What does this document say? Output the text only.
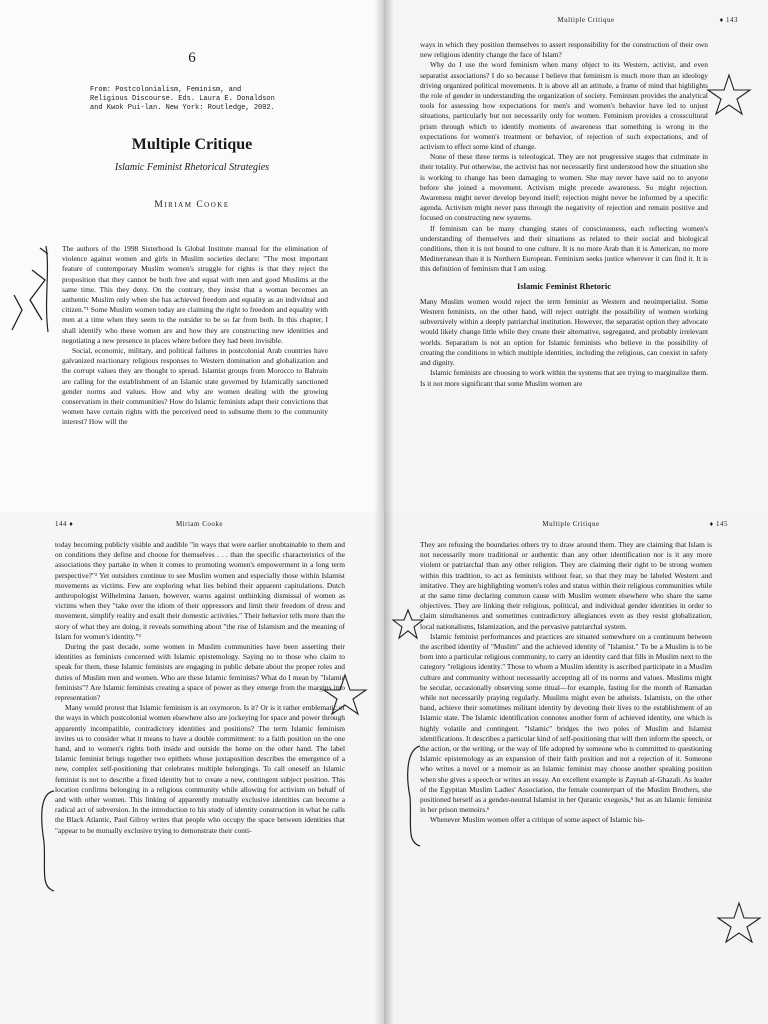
6
From: Postcolonialism, Feminism, and
Religious Discourse. Eds. Laura E. Donaldson
and Kwok Pui-lan. New York: Routledge, 2002.
Multiple Critique
Islamic Feminist Rhetorical Strategies
Miriam Cooke

The authors of the 1998 Sisterhood Is Global Institute manual for the elimination of violence against women and girls in Muslim societies declare: "The most important feature of contemporary Muslim women's struggle for rights is that they reject the proposition that they cannot be both free and equal with men and good Muslims at the same time. This they deny. On the contrary, they insist that a woman becomes an authentic Muslim only when she has achieved freedom and equality as an individual and citizen."¹ Some Muslim women today are claiming the right to freedom and equality with men at a time when they seem to the outsider to be so far from both. In this chapter, I shall identify who these women are and how they are constructing new identities and negotiating a new presence in places where before they had been invisible.

Social, economic, military, and political failures in postcolonial Arab countries have galvanized reactionary religious responses to Western domination and globalization and the corrupt values they are thought to spread. Islamist groups from Morocco to Bahrain are calling for the establishment of an Islamic state governed by Islamically sanctioned gender norms and values. How and why are women dealing with the growing conservatism in their communities? How do Islamic feminists adapt their convictions that women have certain rights with the perceived need to subsume them to the community interest? How will the

Multiple Critique	♦ 143

ways in which they position themselves to assert responsibility for the construction of their own new religious identity change the face of Islam?

Why do I use the word feminism when many object to its Western, activist, and even separatist associations? I do so because I believe that feminism is much more than an ideology driving organized political movements. It is above all an attitude, a frame of mind that highlights the role of gender in understanding the organization of society. Feminism provides the analytical tools for assessing how expectations for men's and women's behavior have led to unjust situations, particularly but not necessarily only for women. Feminism provides a crosscultural prism through which to identify moments of awareness that something is wrong in the expectations for women's treatment or behavior, of rejection of such expectations, and of activism to effect some kind of change.

None of these three terms is teleological. They are not progressive stages that culminate in their totality. Put otherwise, the activist has not necessarily first understood how the situation she is working to change has been damaging to women. She may never have said no to anyone before she joined a movement. Activism might precede awareness. So might rejection. Awareness might never develop beyond itself; rejection might never be informed by a specific agenda. Activism might never pass through the negativity of rejection and remain positive and focused on constructing new systems.

If feminism can be many changing states of consciousness, each reflecting women's understanding of themselves and their situations as related to their social and biological conditions, then it is not bound to one culture. It is no more Arab than it is American, no more Mediterranean than it is Northern European. Feminism seeks justice wherever it can find it. It is this definition of feminism that I am using.

Islamic Feminist Rhetoric

Many Muslim women would reject the term feminist as Western and neoimperialist. Some Western feminists, on the other hand, will reject outright the possibility of women working subversively within a deeply patriarchal institution. However, the separatist option they advocate would likely change little while they create their alternative, segregated, and probably irrelevant worlds. Separatism is not an option for Islamic feminists who believe in the possibility of creating the conditions in which multiple identities, including the religious, can coexist in safety and dignity.

Islamic feminists are choosing to work within the systems that are trying to marginalize them. Is it not more significant that some Muslim women are

144 ♦	Miriam Cooke

today becoming publicly visible and audible "in ways that were earlier unobtainable to them and on conditions they define and choose for themselves . . . than the specific characteristics of the associations they partake in when it comes to promoting women's empowerment in a long term perspective?"² Yet outsiders continue to see Muslim women and especially those within Islamist movements as victims. Few are exploring what lies behind their apparent capitulations. Dutch anthropologist Wilhelmina Jansen, however, warns against unthinking dismissal of women as victims when they "take over the idiom of their oppressors and limit their freedom of dress and movement, simplify reality and exalt their domestic activities." Their behavior tells more than the story of what they are doing, it reveals something about "the rise of Islamism and the meaning of Islam for women's identity."³

During the past decade, some women in Muslim communities have been asserting their identities as feminists concerned with Islamic epistemology. Saying no to those who claim to speak for them, these Islamic feminists are engaging in public debate about the proper roles and duties of Muslim men and women. Who are these Islamic feminists? What do I mean by "Islamic feminists"? Are Islamic feminists creating a space of power as they emerge from the margins into representation?

Many would protest that Islamic feminism is an oxymoron. Is it? Or is it rather emblematic of the ways in which postcolonial women elsewhere also are jockeying for space and power through apparently incompatible, contradictory identities and positions? The term Islamic feminism invites us to consider what it means to have a double commitment: to a faith position on the one hand, and to women's rights both inside and outside the home on the other hand. The label Islamic feminist brings together two epithets whose juxtaposition describes the emergence of a new, complex self-positioning that celebrates multiple belongings. To call oneself an Islamic feminist is not to describe a fixed identity but to create a new, contingent subject position. This location confirms belonging in a religious community while allowing for activism on behalf of and with other women. This linking of apparently mutually exclusive identities can become a radical act of subversion. In the introduction to his study of identity construction in what he calls the Black Atlantic, Paul Gilroy writes that people who occupy the space between identities that "appear to be mutually exclusive trying to demonstrate their conti-

Multiple Critique	♦ 145

They are refusing the boundaries others try to draw around them. They are claiming that Islam is not necessarily more traditional or authentic than any other identification nor is it any more violent or patriarchal than any other religion. They are claiming their right to be strong women within this tradition, to act as feminists without fear, so that they may be labeled Western and imitative. They are highlighting women's roles and status within their religious communities while at the same time declaring common cause with Muslim women elsewhere who share the same objectives. They are linking their religious, political, and individual gender identities in order to claim simultaneous and sometimes contradictory allegiances even as they resist globalization, local nationalisms, Islamization, and the pervasive patriarchal system.

Islamic feminist performances and practices are situated somewhere on a continuum between the ascribed identity of "Muslim" and the achieved identity of "Islamist." To be a Muslim is to be born into a particular religious community, to carry an identity card that fills in Muslim next to the category "religious identity." Those to whom a Muslim identity is ascribed participate in a Muslim culture and community without necessarily accepting all of its norms and values. Muslims might be secular, occasionally observing some ritual—for example, fasting for the month of Ramadan while not necessarily praying regularly. Muslims might even be atheists. Islamists, on the other hand, achieve their sometimes militant identity by devoting their lives to the establishment of an Islamic state. The Islamic identification connotes another form of achieved identity, one which is highly volatile and contingent. "Islamic" bridges the two poles of Muslim and Islamist identifications. It describes a particular kind of self-positioning that will then inform the speech, or the action, or the writing, or the way of life adopted by someone who is committed to questioning Islamic epistemology as an expansion of their faith position and not a rejection of it. Someone who writes a novel or a memoir as an Islamic feminist may choose another speaking position when she gives a speech or writes an essay. An excellent example is Zaynab al-Ghazali. As leader of the Egyptian Muslim Ladies' Association, the female counterpart of the Muslim Brothers, she positioned herself as a gender-neutral Islamist in her Quranic exegesis,⁵ but as an Islamic feminist in her prison memoirs.⁶

Whenever Muslim women offer a critique of some aspect of Islamic his-
